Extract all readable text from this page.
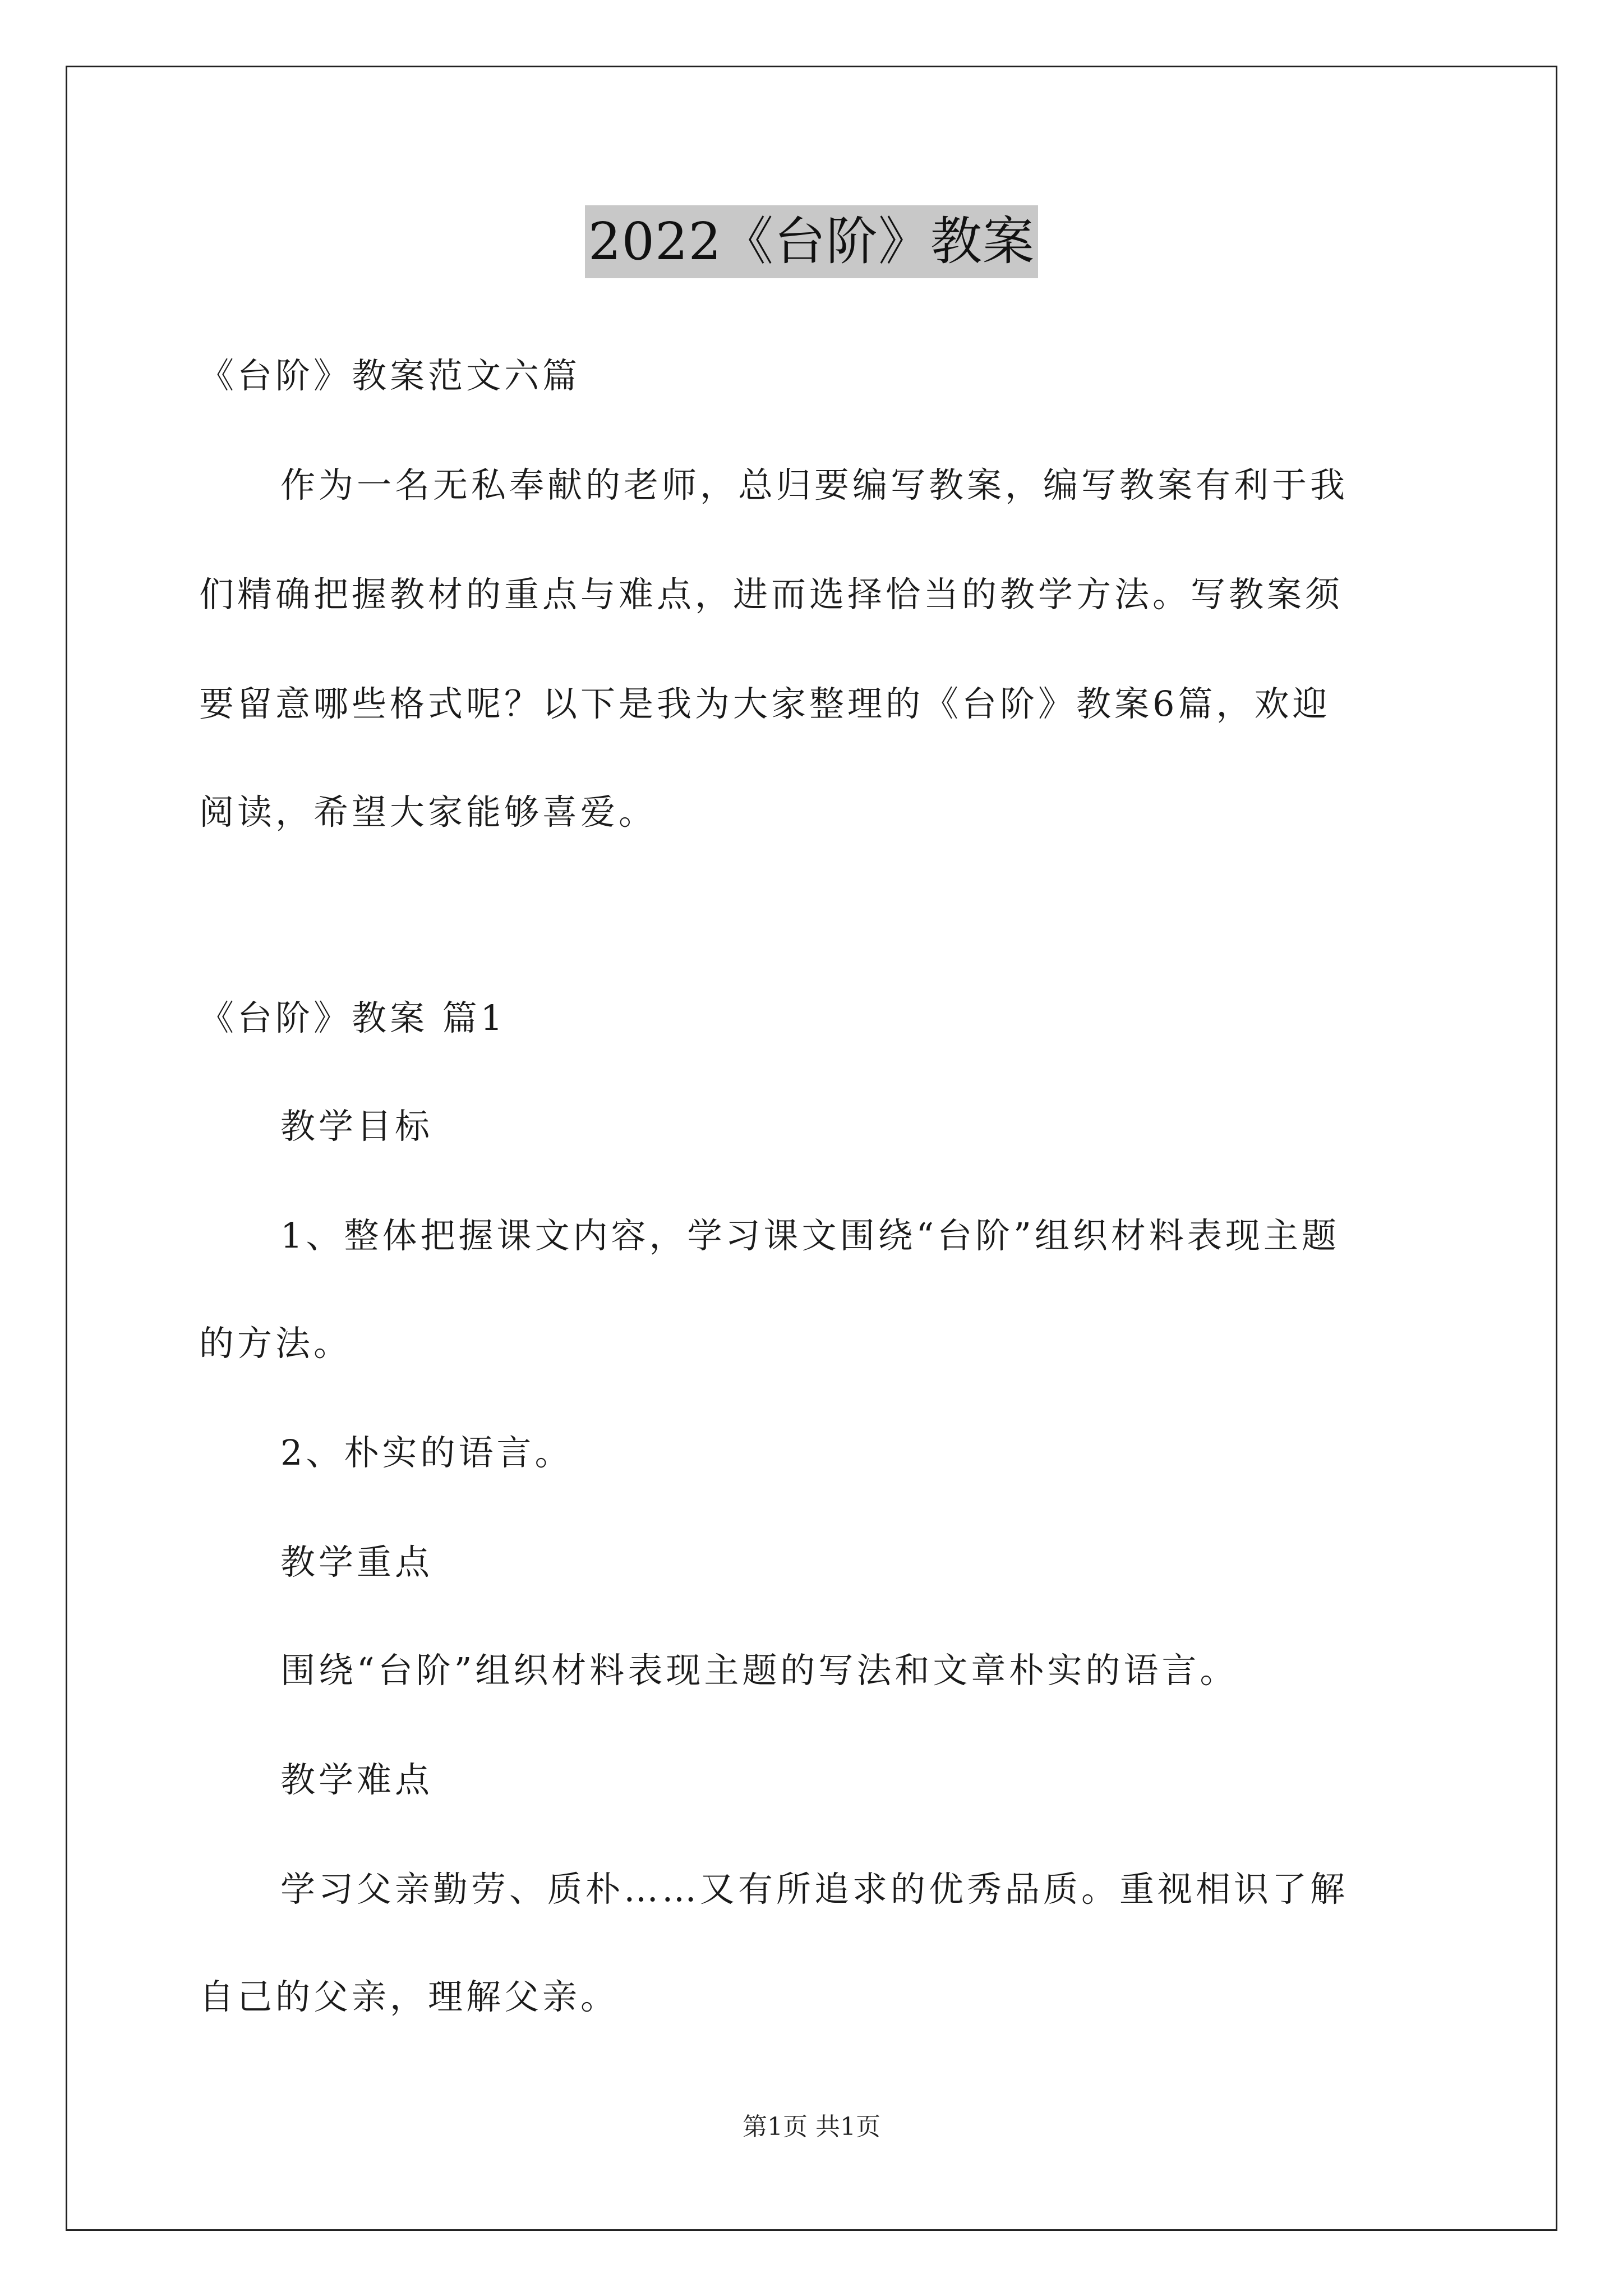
2022《台阶》教案
《台阶》教案范文六篇
作为一名无私奉献的老师，总归要编写教案，编写教案有利于我
们精确把握教材的重点与难点，进而选择恰当的教学方法。写教案须
要留意哪些格式呢？以下是我为大家整理的《台阶》教案6篇，欢迎
阅读，希望大家能够喜爱。
《台阶》教案 篇1
教学目标
1、整体把握课文内容，学习课文围绕“台阶”组织材料表现主题
的方法。
2、朴实的语言。
教学重点
围绕“台阶”组织材料表现主题的写法和文章朴实的语言。
教学难点
学习父亲勤劳、质朴……又有所追求的优秀品质。重视相识了解
自己的父亲，理解父亲。
第1页 共1页
